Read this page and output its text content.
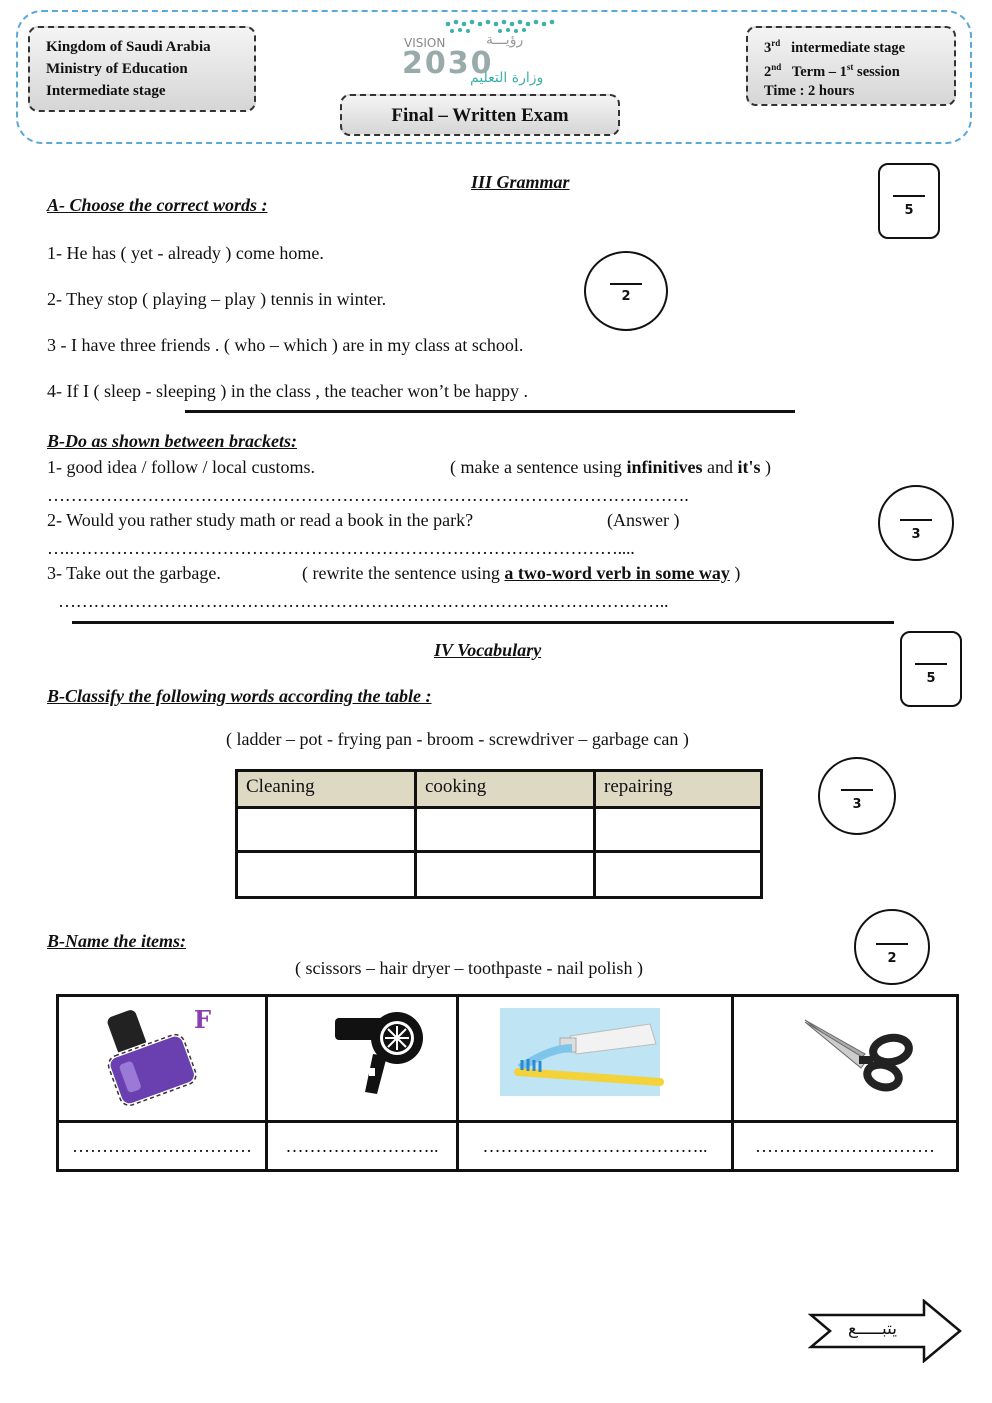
Kingdom of Saudi Arabia
Ministry of Education
Intermediate stage
VISION	رؤيـــة
2030
وزارة التعليم
Final – Written Exam
3rd   intermediate stage
2nd   Term – 1st session
Time : 2 hours
III Grammar
5
A- Choose the correct words :
1- He has ( yet - already ) come home.
2- They stop ( playing – play ) tennis in winter.
3 - I have three friends . ( who – which ) are in my class at school.
4- If I ( sleep - sleeping ) in the class , the teacher won’t be happy .
2
B-Do as shown between brackets:
1- good idea / follow / local customs.	( make a sentence using infinitives and it's )
……………………………………………………………………………………………….
2- Would you rather study math or read a book in the park?	(Answer )
….…………………………………………………………………………………....
3- Take out the garbage.	( rewrite the sentence using a two-word verb in some way )
…………………………………………………………………………………………..
3
IV Vocabulary
5
B-Classify the following words according the table :
( ladder – pot - frying pan - broom - screwdriver – garbage can )
Cleaning	cooking	repairing

3
B-Name the items:
( scissors – hair dryer – toothpaste - nail polish )	2
F

…………………………	……………………..	………………………………..	…………………………
يتبـــــع
